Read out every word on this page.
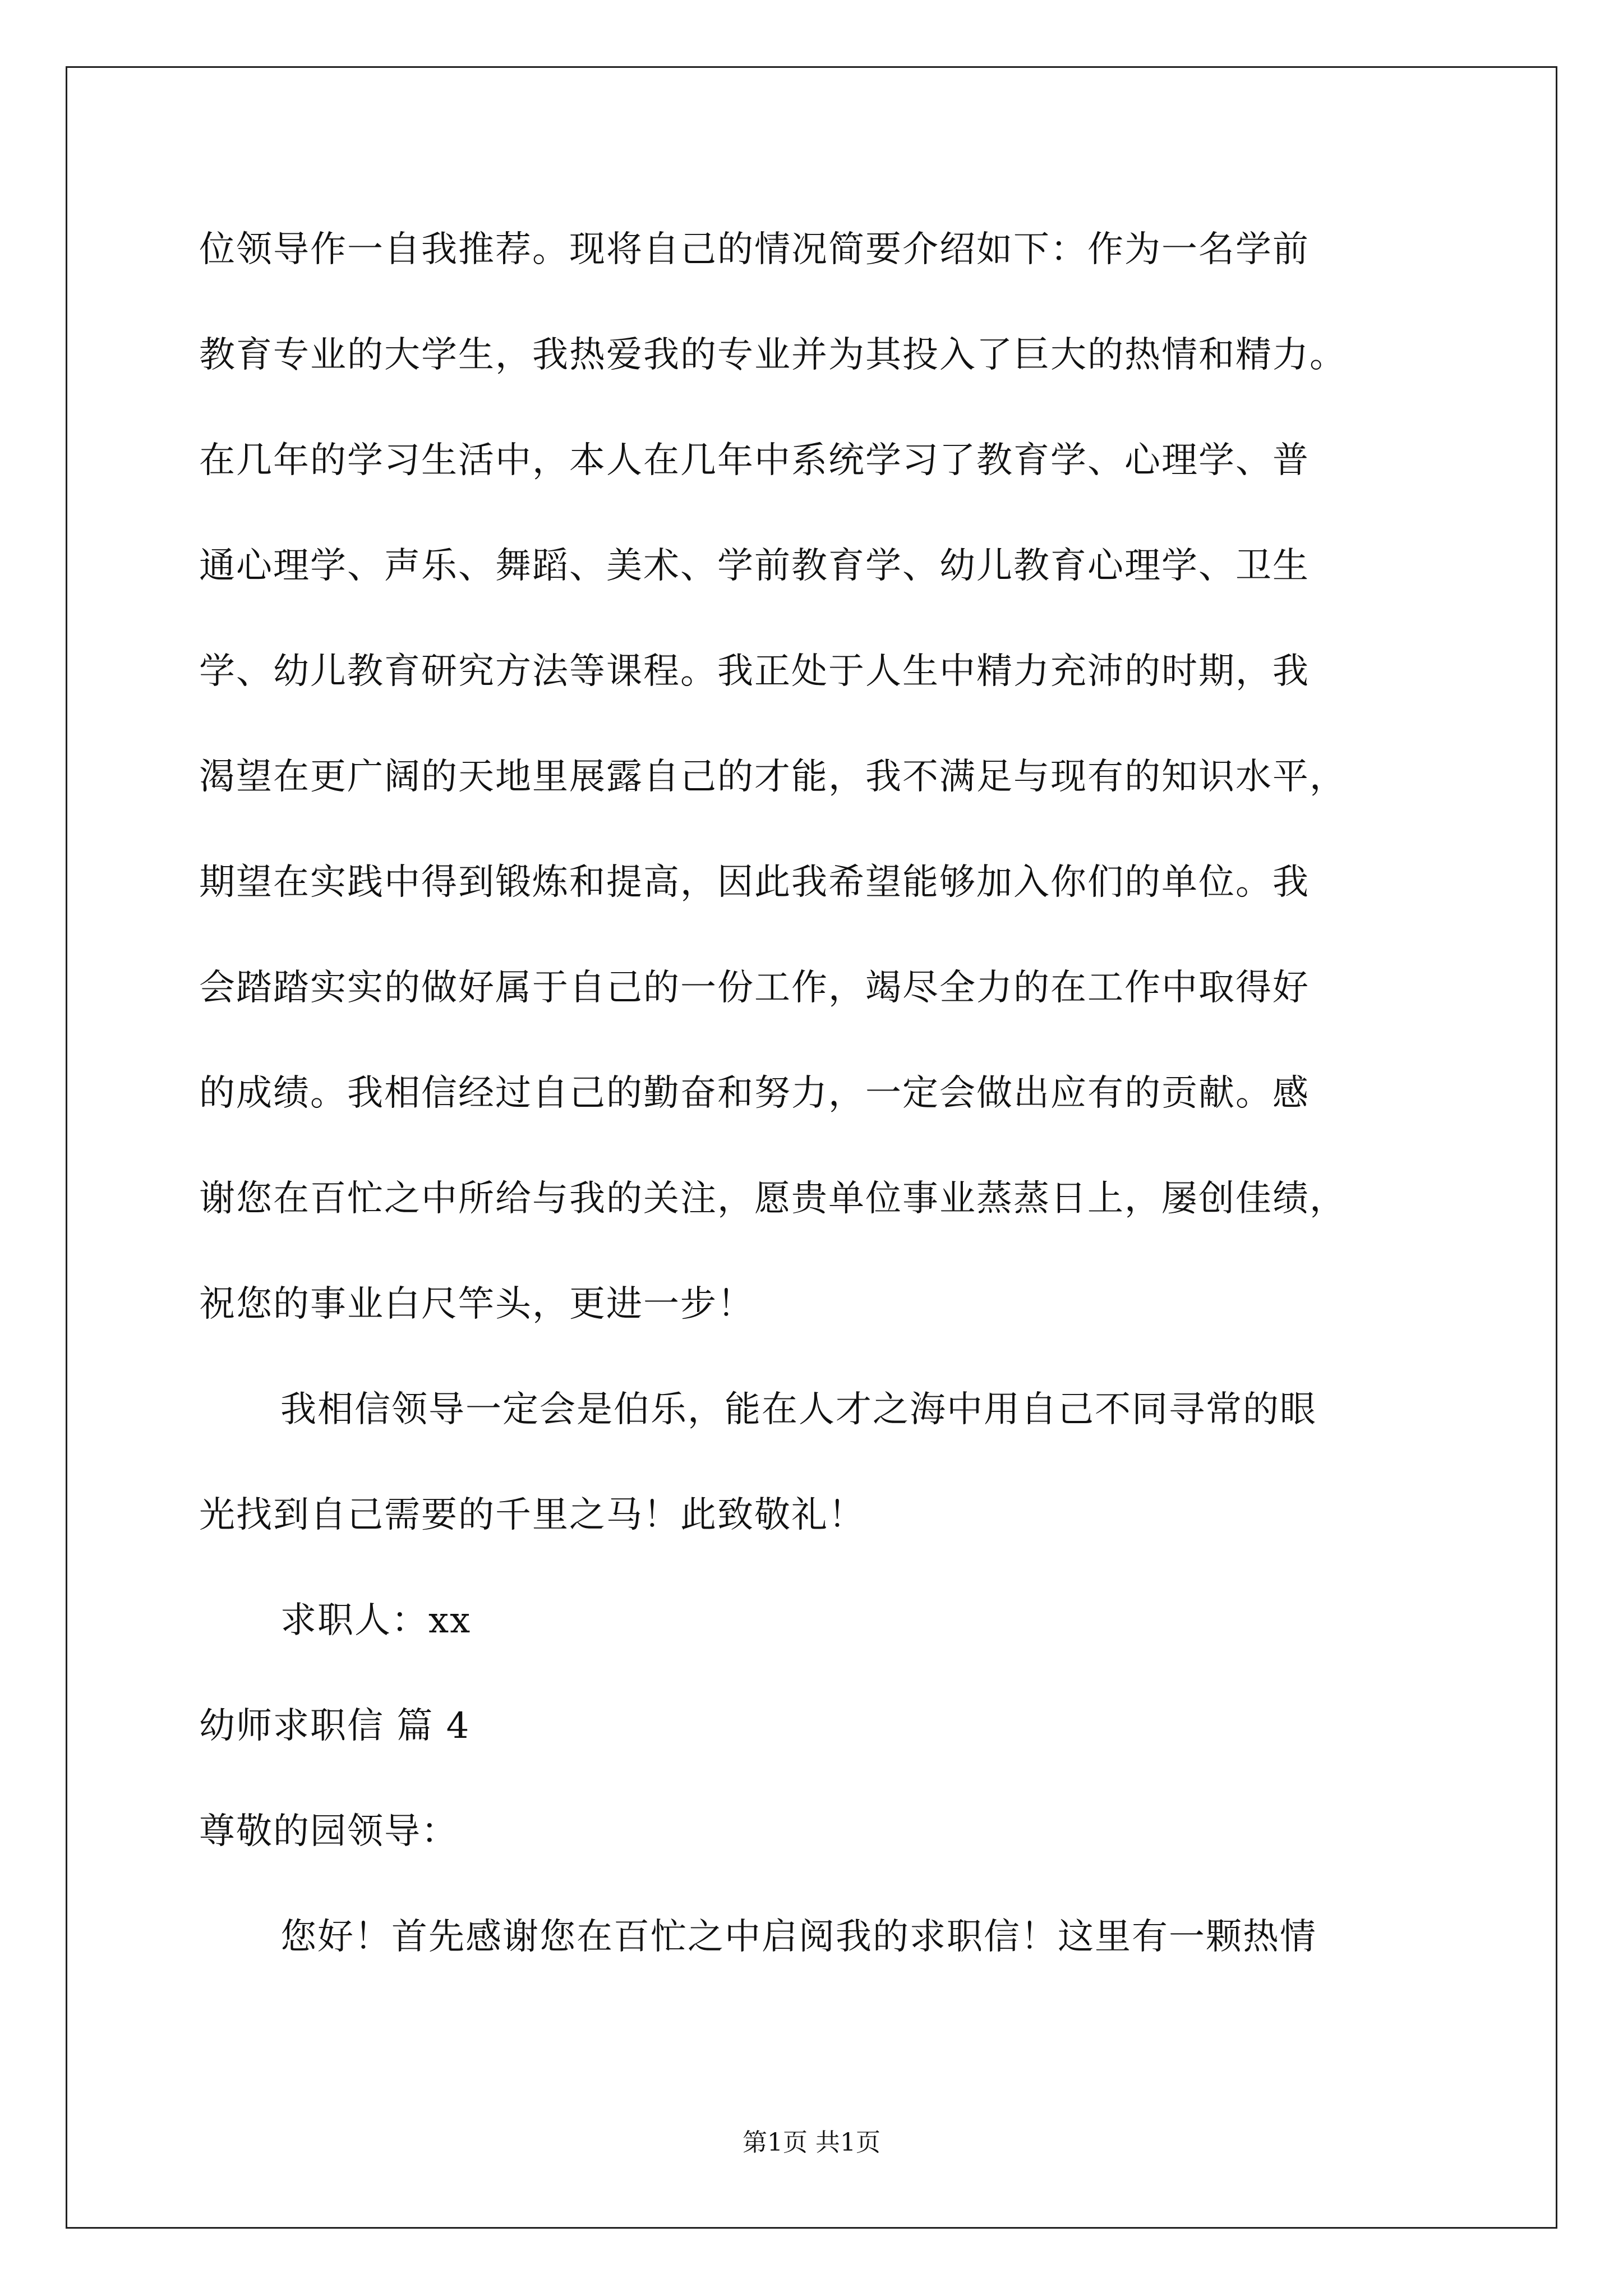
位领导作一自我推荐。现将自己的情况简要介绍如下：作为一名学前
教育专业的大学生，我热爱我的专业并为其投入了巨大的热情和精力。
在几年的学习生活中，本人在几年中系统学习了教育学、心理学、普
通心理学、声乐、舞蹈、美术、学前教育学、幼儿教育心理学、卫生
学、幼儿教育研究方法等课程。我正处于人生中精力充沛的时期，我
渴望在更广阔的天地里展露自己的才能，我不满足与现有的知识水平，
期望在实践中得到锻炼和提高，因此我希望能够加入你们的单位。我
会踏踏实实的做好属于自己的一份工作，竭尽全力的在工作中取得好
的成绩。我相信经过自己的勤奋和努力，一定会做出应有的贡献。感
谢您在百忙之中所给与我的关注，愿贵单位事业蒸蒸日上，屡创佳绩，
祝您的事业白尺竿头，更进一步！
我相信领导一定会是伯乐，能在人才之海中用自己不同寻常的眼
光找到自己需要的千里之马！此致敬礼！
求职人：xx
幼师求职信 篇 4
尊敬的园领导：
您好！首先感谢您在百忙之中启阅我的求职信！这里有一颗热情
第1页 共1页
